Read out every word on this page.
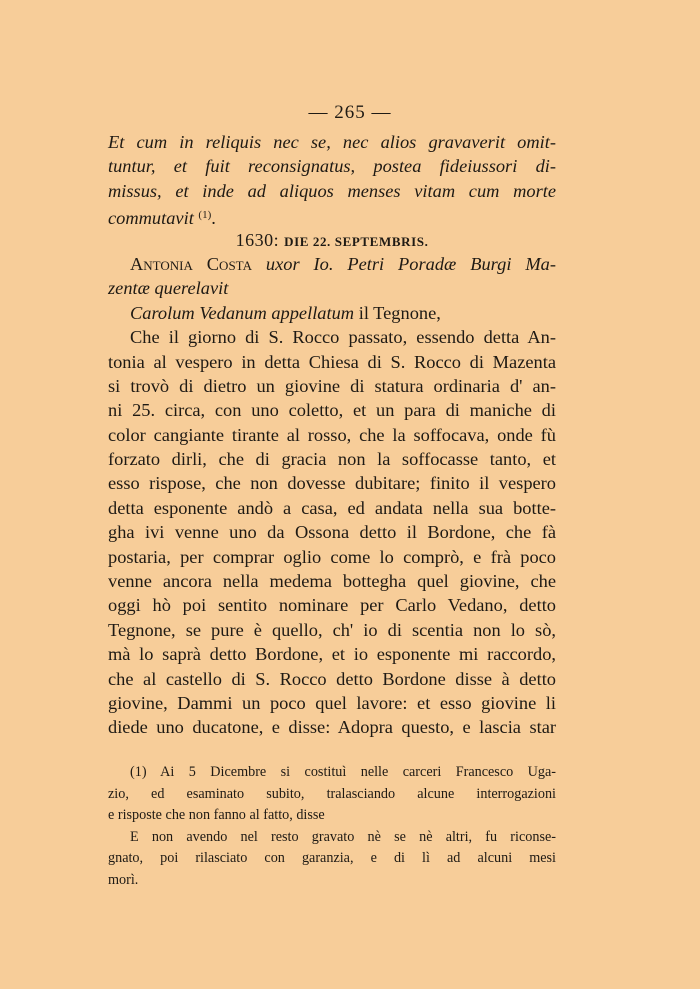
— 265 —
Et cum in reliquis nec se, nec alios gravaverit omit-
tuntur, et fuit reconsignatus, postea fideiussori di-
missus, et inde ad aliquos menses vitam cum morte
commutavit $^{(1)}$.
1630: DIE 22. SEPTEMBRIS.
Antonia Costa uxor Io. Petri Poradæ Burgi Ma-
zentæ querelavit
Carolum Vedanum appellatum il Tegnone,
Che il giorno di S. Rocco passato, essendo detta An-
tonia al vespero in detta Chiesa di S. Rocco di Mazenta
si trovò di dietro un giovine di statura ordinaria d' an-
ni 25. circa, con uno coletto, et un para di maniche di
color cangiante tirante al rosso, che la soffocava, onde fù
forzato dirli, che di gracia non la soffocasse tanto, et
esso rispose, che non dovesse dubitare; finito il vespero
detta esponente andò a casa, ed andata nella sua botte-
gha ivi venne uno da Ossona detto il Bordone, che fà
postaria, per comprar oglio come lo comprò, e frà poco
venne ancora nella medema bottegha quel giovine, che
oggi hò poi sentito nominare per Carlo Vedano, detto
Tegnone, se pure è quello, ch' io di scentia non lo sò,
mà lo saprà detto Bordone, et io esponente mi raccordo,
che al castello di S. Rocco detto Bordone disse à detto
giovine, Dammi un poco quel lavore: et esso giovine li
diede uno ducatone, e disse: Adopra questo, e lascia star
(1) Ai 5 Dicembre si costituì nelle carceri Francesco Uga-
zio, ed esaminato subito, tralasciando alcune interrogazioni
e risposte che non fanno al fatto, disse
E non avendo nel resto gravato nè se nè altri, fu riconse-
gnato, poi rilasciato con garanzia, e di lì ad alcuni mesi
morì.
